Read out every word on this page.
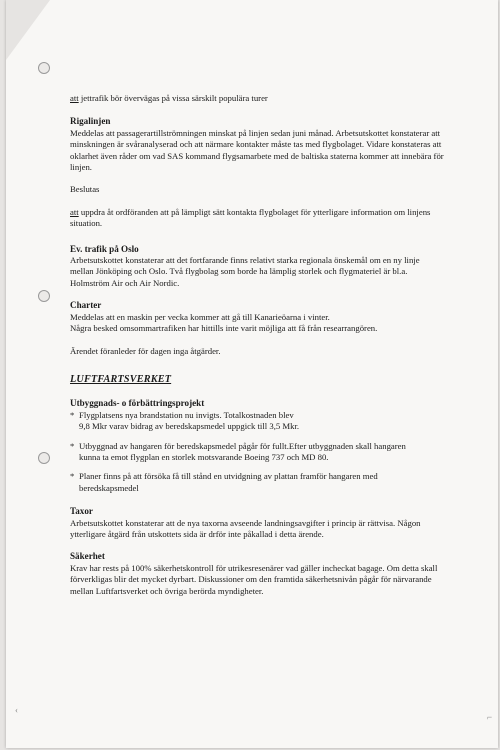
‹
⌐

att jettrafik bör övervägas på vissa särskilt populära turer

Rigalinjen

Meddelas att passagerartillströmningen minskat på linjen sedan juni månad. Arbetsutskottet konstaterar att minskningen är svåranalyserad och att närmare kontakter måste tas med flygbolaget. Vidare konstateras att oklarhet även råder om vad SAS kommand flygsamarbete med de baltiska staterna kommer att innebära för linjen.

Beslutas

att uppdra åt ordföranden att på lämpligt sätt kontakta flygbolaget för ytterligare information om linjens situation.

Ev. trafik på Oslo

Arbetsutskottet konstaterar att det fortfarande finns relativt starka regionala önskemål om en ny linje mellan Jönköping och Oslo. Två flygbolag som borde ha lämplig storlek och flygmateriel är bl.a. Holmström Air och Air Nordic.

Charter

Meddelas att en maskin per vecka kommer att gå till Kanarieöarna i vinter.

Några besked omsommartrafiken har hittills inte varit möjliga att få från researrangören.

Ärendet föranleder för dagen inga åtgärder.

LUFTFARTSVERKET

Utbyggnads- o förbättringsprojekt
* Flygplatsens nya brandstation nu invigts. Totalkostnaden blev

9,8 Mkr varav bidrag av beredskapsmedel uppgick till 3,5 Mkr.

* Utbyggnad av hangaren för beredskapsmedel pågår för fullt.Efter utbyggnaden skall hangaren

kunna ta emot flygplan en storlek motsvarande Boeing 737 och MD 80.

* Planer finns på att försöka få till stånd en utvidgning av plattan framför hangaren med

beredskapsmedel

Taxor

Arbetsutskottet konstaterar att de nya taxorna avseende landningsavgifter i princip är rättvisa. Någon ytterligare åtgärd från utskottets sida är drför inte påkallad i detta ärende.

Säkerhet

Krav har rests på 100% säkerhetskontroll för utrikesresenärer vad gäller incheckat bagage. Om detta skall förverkligas blir det mycket dyrbart. Diskussioner om den framtida säkerhetsnivån pågår för närvarande mellan Luftfartsverket och övriga berörda myndigheter.
